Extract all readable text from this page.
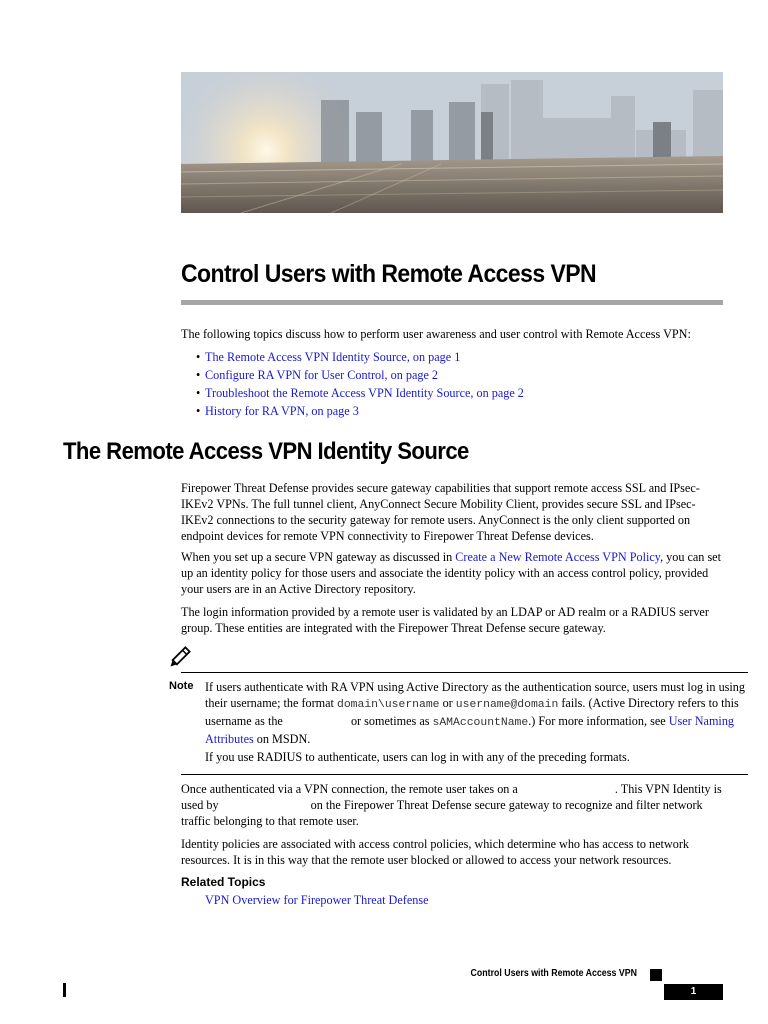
Control Users with Remote Access VPN

The following topics discuss how to perform user awareness and user control with Remote Access VPN:

• The Remote Access VPN Identity Source, on page 1
• Configure RA VPN for User Control, on page 2
• Troubleshoot the Remote Access VPN Identity Source, on page 2
• History for RA VPN, on page 3
The Remote Access VPN Identity Source

Firepower Threat Defense provides secure gateway capabilities that support remote access SSL and IPsec-IKEv2 VPNs. The full tunnel client, AnyConnect Secure Mobility Client, provides secure SSL and IPsec-IKEv2 connections to the security gateway for remote users. AnyConnect is the only client supported on endpoint devices for remote VPN connectivity to Firepower Threat Defense devices.

When you set up a secure VPN gateway as discussed in Create a New Remote Access VPN Policy, you can set up an identity policy for those users and associate the identity policy with an access control policy, provided your users are in an Active Directory repository.

The login information provided by a remote user is validated by an LDAP or AD realm or a RADIUS server group. These entities are integrated with the Firepower Threat Defense secure gateway.

Note If users authenticate with RA VPN using Active Directory as the authentication source, users must log in using their username; the format domain\username or username@domain fails. (Active Directory refers to this username as the	or sometimes as sAMAccountName.) For more information, see User Naming Attributes on MSDN.

If you use RADIUS to authenticate, users can log in with any of the preceding formats.

Once authenticated via a VPN connection, the remote user takes on a	. This VPN Identity is used by	on the Firepower Threat Defense secure gateway to recognize and filter network traffic belonging to that remote user.

Identity policies are associated with access control policies, which determine who has access to network resources. It is in this way that the remote user blocked or allowed to access your network resources.

Related Topics
VPN Overview for Firepower Threat Defense
Control Users with Remote Access VPN
1
